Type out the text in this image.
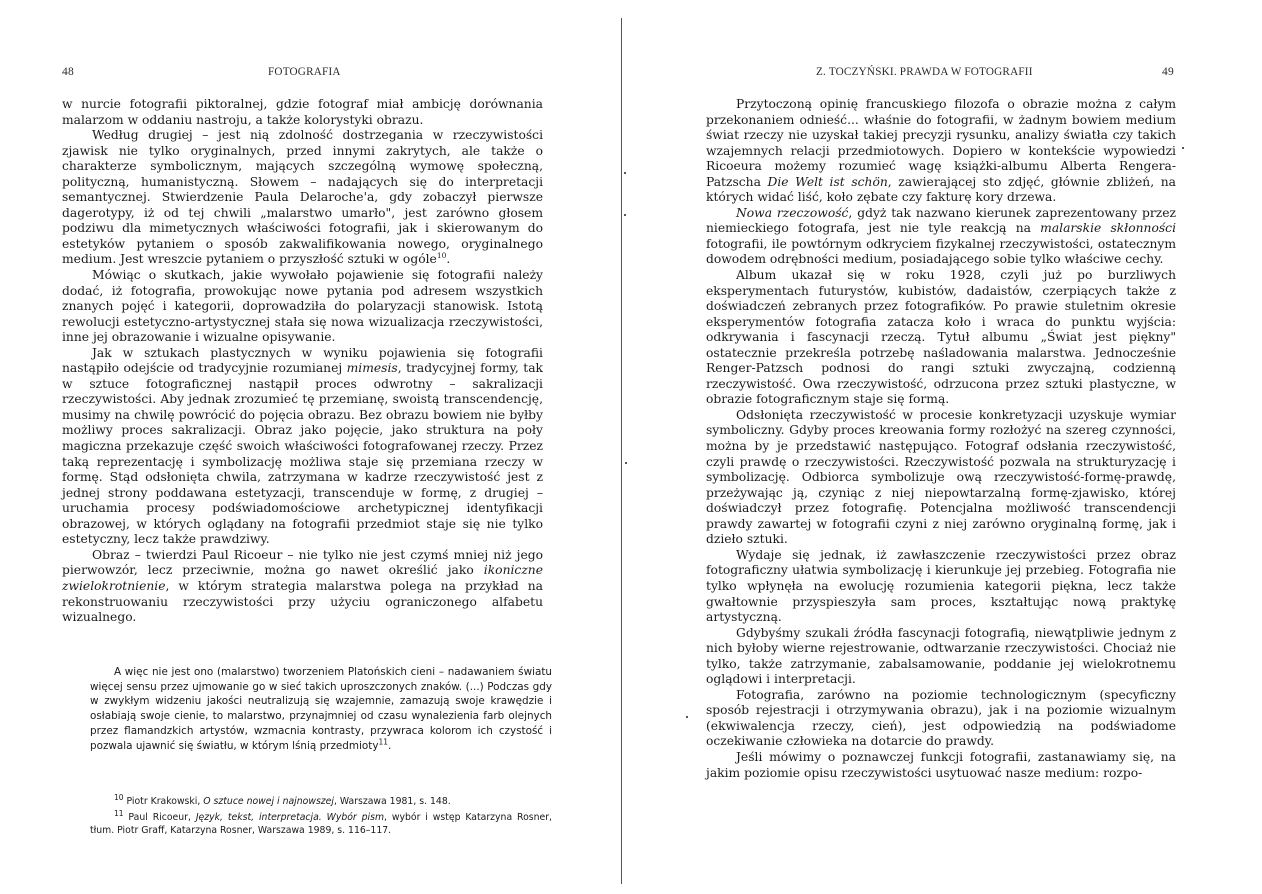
48	FOTOGRAFIA

w nurcie fotografii piktoralnej, gdzie fotograf miał ambicję dorównania malarzom w oddaniu nastroju, a także kolorystyki obrazu.

Według drugiej – jest nią zdolność dostrzegania w rzeczywistości zjawisk nie tylko oryginalnych, przed innymi zakrytych, ale także o charakterze symbolicznym, mających szczególną wymowę społeczną, polityczną, humanistyczną. Słowem – nadających się do interpretacji semantycznej. Stwierdzenie Paula Delaroche'a, gdy zobaczył pierwsze dagerotypy, iż od tej chwili „malarstwo umarło", jest zarówno głosem podziwu dla mimetycznych właściwości fotografii, jak i skierowanym do estetyków pytaniem o sposób zakwalifikowania nowego, oryginalnego medium. Jest wreszcie pytaniem o przyszłość sztuki w ogóle$^{10}$.

Mówiąc o skutkach, jakie wywołało pojawienie się fotografii należy dodać, iż fotografia, prowokując nowe pytania pod adresem wszystkich znanych pojęć i kategorii, doprowadziła do polaryzacji stanowisk. Istotą rewolucji estetyczno-artystycznej stała się nowa wizualizacja rzeczywistości, inne jej obrazowanie i wizualne opisywanie.

Jak w sztukach plastycznych w wyniku pojawienia się fotografii nastąpiło odejście od tradycyjnie rozumianej mimesis, tradycyjnej formy, tak w sztuce fotograficznej nastąpił proces odwrotny – sakralizacji rzeczywistości. Aby jednak zrozumieć tę przemianę, swoistą transcendencję, musimy na chwilę powrócić do pojęcia obrazu. Bez obrazu bowiem nie byłby możliwy proces sakralizacji. Obraz jako pojęcie, jako struktura na poły magiczna przekazuje część swoich właściwości fotografowanej rzeczy. Przez taką reprezentację i symbolizację możliwa staje się przemiana rzeczy w formę. Stąd odsłonięta chwila, zatrzymana w kadrze rzeczywistość jest z jednej strony poddawana estetyzacji, transcenduje w formę, z drugiej – uruchamia procesy podświadomościowe archetypicznej identyfikacji obrazowej, w których oglądany na fotografii przedmiot staje się nie tylko estetyczny, lecz także prawdziwy.

Obraz – twierdzi Paul Ricoeur – nie tylko nie jest czymś mniej niż jego pierwowzór, lecz przeciwnie, można go nawet określić jako ikoniczne zwielokrotnienie, w którym strategia malarstwa polega na przykład na rekonstruowaniu rzeczywistości przy użyciu ograniczonego alfabetu wizualnego.

A więc nie jest ono (malarstwo) tworzeniem Platońskich cieni – nadawaniem światu więcej sensu przez ujmowanie go w sieć takich uproszczonych znaków. (...) Podczas gdy w zwykłym widzeniu jakości neutralizują się wzajemnie, zamazują swoje krawędzie i osłabiają swoje cienie, to malarstwo, przynajmniej od czasu wynalezienia farb olejnych przez flamandzkich artystów, wzmacnia kontrasty, przywraca kolorom ich czystość i pozwala ujawnić się światłu, w którym lśnią przedmioty$^{11}$.

$^{10}$ Piotr Krakowski, O sztuce nowej i najnowszej, Warszawa 1981, s. 148.

$^{11}$ Paul Ricoeur, Język, tekst, interpretacja. Wybór pism, wybór i wstęp Katarzyna Rosner, tłum. Piotr Graff, Katarzyna Rosner, Warszawa 1989, s. 116–117.

Z. TOCZYŃSKI. PRAWDA W FOTOGRAFII	49

Przytoczoną opinię francuskiego filozofa o obrazie można z całym przekonaniem odnieść... właśnie do fotografii, w żadnym bowiem medium świat rzeczy nie uzyskał takiej precyzji rysunku, analizy światła czy takich wzajemnych relacji przedmiotowych. Dopiero w kontekście wypowiedzi Ricoeura możemy rozumieć wagę książki-albumu Alberta Rengera-Patzscha Die Welt ist schön, zawierającej sto zdjęć, głównie zbliżeń, na których widać liść, koło zębate czy fakturę kory drzewa.

Nowa rzeczowość, gdyż tak nazwano kierunek zaprezentowany przez niemieckiego fotografa, jest nie tyle reakcją na malarskie skłonności fotografii, ile powtórnym odkryciem fizykalnej rzeczywistości, ostatecznym dowodem odrębności medium, posiadającego sobie tylko właściwe cechy.

Album ukazał się w roku 1928, czyli już po burzliwych eksperymentach futurystów, kubistów, dadaistów, czerpiących także z doświadczeń zebranych przez fotografików. Po prawie stuletnim okresie eksperymentów fotografia zatacza koło i wraca do punktu wyjścia: odkrywania i fascynacji rzeczą. Tytuł albumu „Świat jest piękny" ostatecznie przekreśla potrzebę naśladowania malarstwa. Jednocześnie Renger-Patzsch podnosi do rangi sztuki zwyczajną, codzienną rzeczywistość. Owa rzeczywistość, odrzucona przez sztuki plastyczne, w obrazie fotograficznym staje się formą.

Odsłonięta rzeczywistość w procesie konkretyzacji uzyskuje wymiar symboliczny. Gdyby proces kreowania formy rozłożyć na szereg czynności, można by je przedstawić następująco. Fotograf odsłania rzeczywistość, czyli prawdę o rzeczywistości. Rzeczywistość pozwala na strukturyzację i symbolizację. Odbiorca symbolizuje ową rzeczywistość-formę-prawdę, przeżywając ją, czyniąc z niej niepowtarzalną formę-zjawisko, której doświadczył przez fotografię. Potencjalna możliwość transcendencji prawdy zawartej w fotografii czyni z niej zarówno oryginalną formę, jak i dzieło sztuki.

Wydaje się jednak, iż zawłaszczenie rzeczywistości przez obraz fotograficzny ułatwia symbolizację i kierunkuje jej przebieg. Fotografia nie tylko wpłynęła na ewolucję rozumienia kategorii piękna, lecz także gwałtownie przyspieszyła sam proces, kształtując nową praktykę artystyczną.

Gdybyśmy szukali źródła fascynacji fotografią, niewątpliwie jednym z nich byłoby wierne rejestrowanie, odtwarzanie rzeczywistości. Chociaż nie tylko, także zatrzymanie, zabalsamowanie, poddanie jej wielokrotnemu oglądowi i interpretacji.

Fotografia, zarówno na poziomie technologicznym (specyficzny sposób rejestracji i otrzymywania obrazu), jak i na poziomie wizualnym (ekwiwalencja rzeczy, cień), jest odpowiedzią na podświadome oczekiwanie człowieka na dotarcie do prawdy.

Jeśli mówimy o poznawczej funkcji fotografii, zastanawiamy się, na jakim poziomie opisu rzeczywistości usytuować nasze medium: rozpo-
